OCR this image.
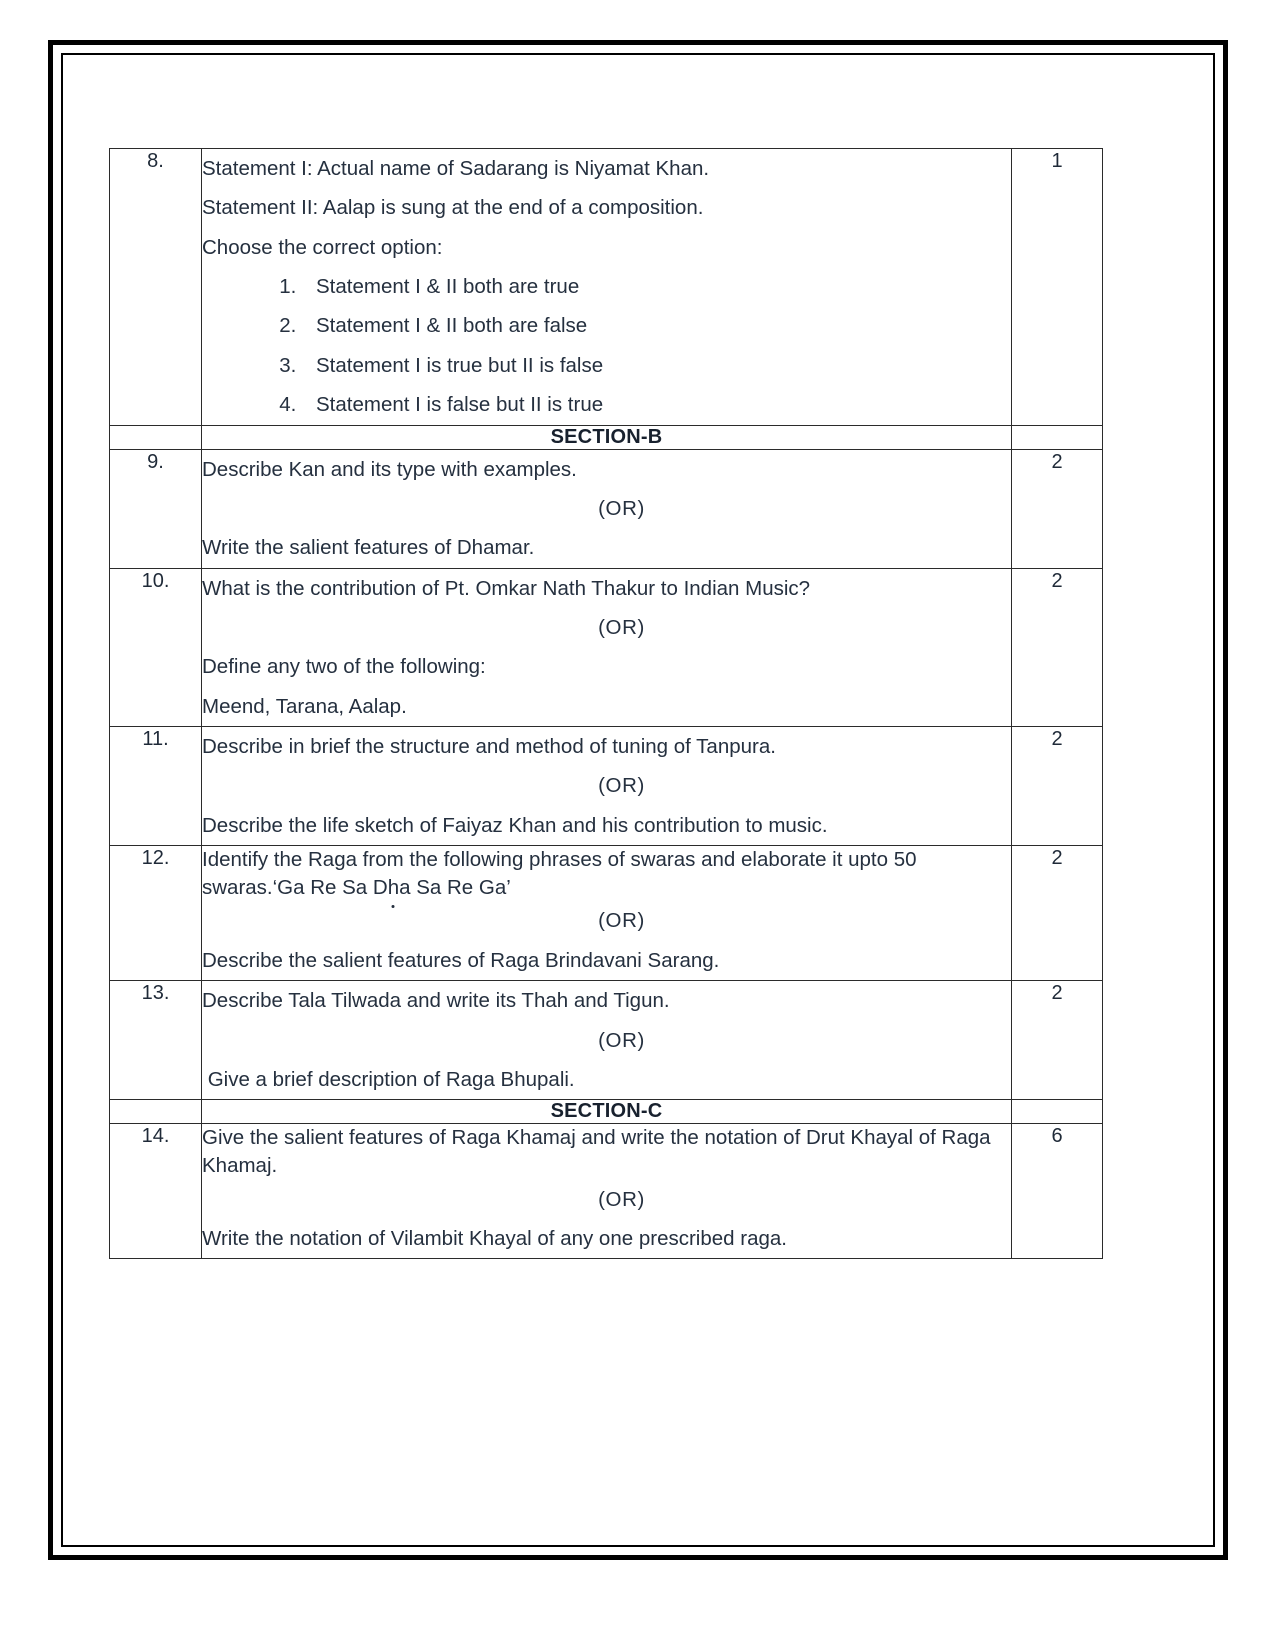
8.	Statement I: Actual name of Sadarang is Niyamat Khan.
Statement II: Aalap is sung at the end of a composition.
Choose the correct option:
1. Statement I & II both are true
2. Statement I & II both are false
3. Statement I is true but II is false
4. Statement I is false but II is true
	1
	SECTION-B	
9.	Describe Kan and its type with examples.
(OR)
Write the salient features of Dhamar.	2
10.	What is the contribution of Pt. Omkar Nath Thakur to Indian Music?
(OR)
Define any two of the following:
Meend, Tarana, Aalap.	2
11.	Describe in brief the structure and method of tuning of Tanpura.
(OR)
Describe the life sketch of Faiyaz Khan and his contribution to music.	2
12.	Identify the Raga from the following phrases of swaras and elaborate it upto 50 swaras.‘Ga Re Sa Dha Sa Re Ga’
(OR)
Describe the salient features of Raga Brindavani Sarang.	2
13.	Describe Tala Tilwada and write its Thah and Tigun.
(OR)
Give a brief description of Raga Bhupali.	2
	SECTION-C	
14.	Give the salient features of Raga Khamaj and write the notation of Drut Khayal of Raga Khamaj.
(OR)
Write the notation of Vilambit Khayal of any one prescribed raga.	6
